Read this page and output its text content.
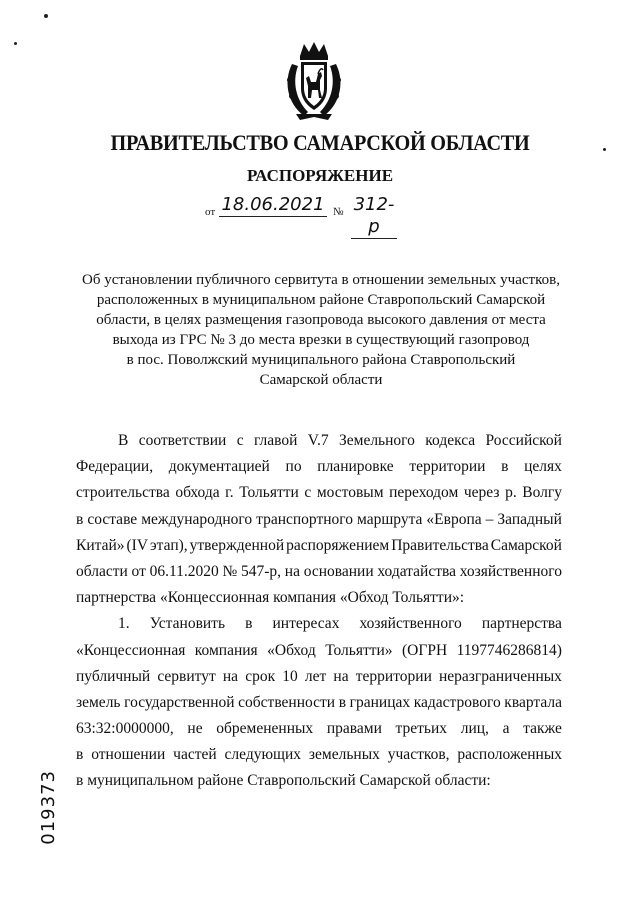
ПРАВИТЕЛЬСТВО САМАРСКОЙ ОБЛАСТИ
РАСПОРЯЖЕНИЕ
от 18.06.2021 № 312-р
Об установлении публичного сервитута в отношении земельных участков,
расположенных в муниципальном районе Ставропольский Самарской
области, в целях размещения газопровода высокого давления от места
выхода из ГРС № 3 до места врезки в существующий газопровод
в пос. Поволжский муниципального района Ставропольский
Самарской области
В соответствии с главой V.7 Земельного кодекса Российской
Федерации, документацией по планировке территории в целях
строительства обхода г. Тольятти с мостовым переходом через р. Волгу
в составе международного транспортного маршрута «Европа – Западный
Китай» (IV этап), утвержденной распоряжением Правительства Самарской
области от 06.11.2020 № 547-р, на основании ходатайства хозяйственного
партнерства «Концессионная компания «Обход Тольятти»:
1. Установить в интересах хозяйственного партнерства
«Концессионная компания «Обход Тольятти» (ОГРН 1197746286814)
публичный сервитут на срок 10 лет на территории неразграниченных
земель государственной собственности в границах кадастрового квартала
63:32:0000000, не обремененных правами третьих лиц, а также
в отношении частей следующих земельных участков, расположенных
в муниципальном районе Ставропольский Самарской области:
019373
